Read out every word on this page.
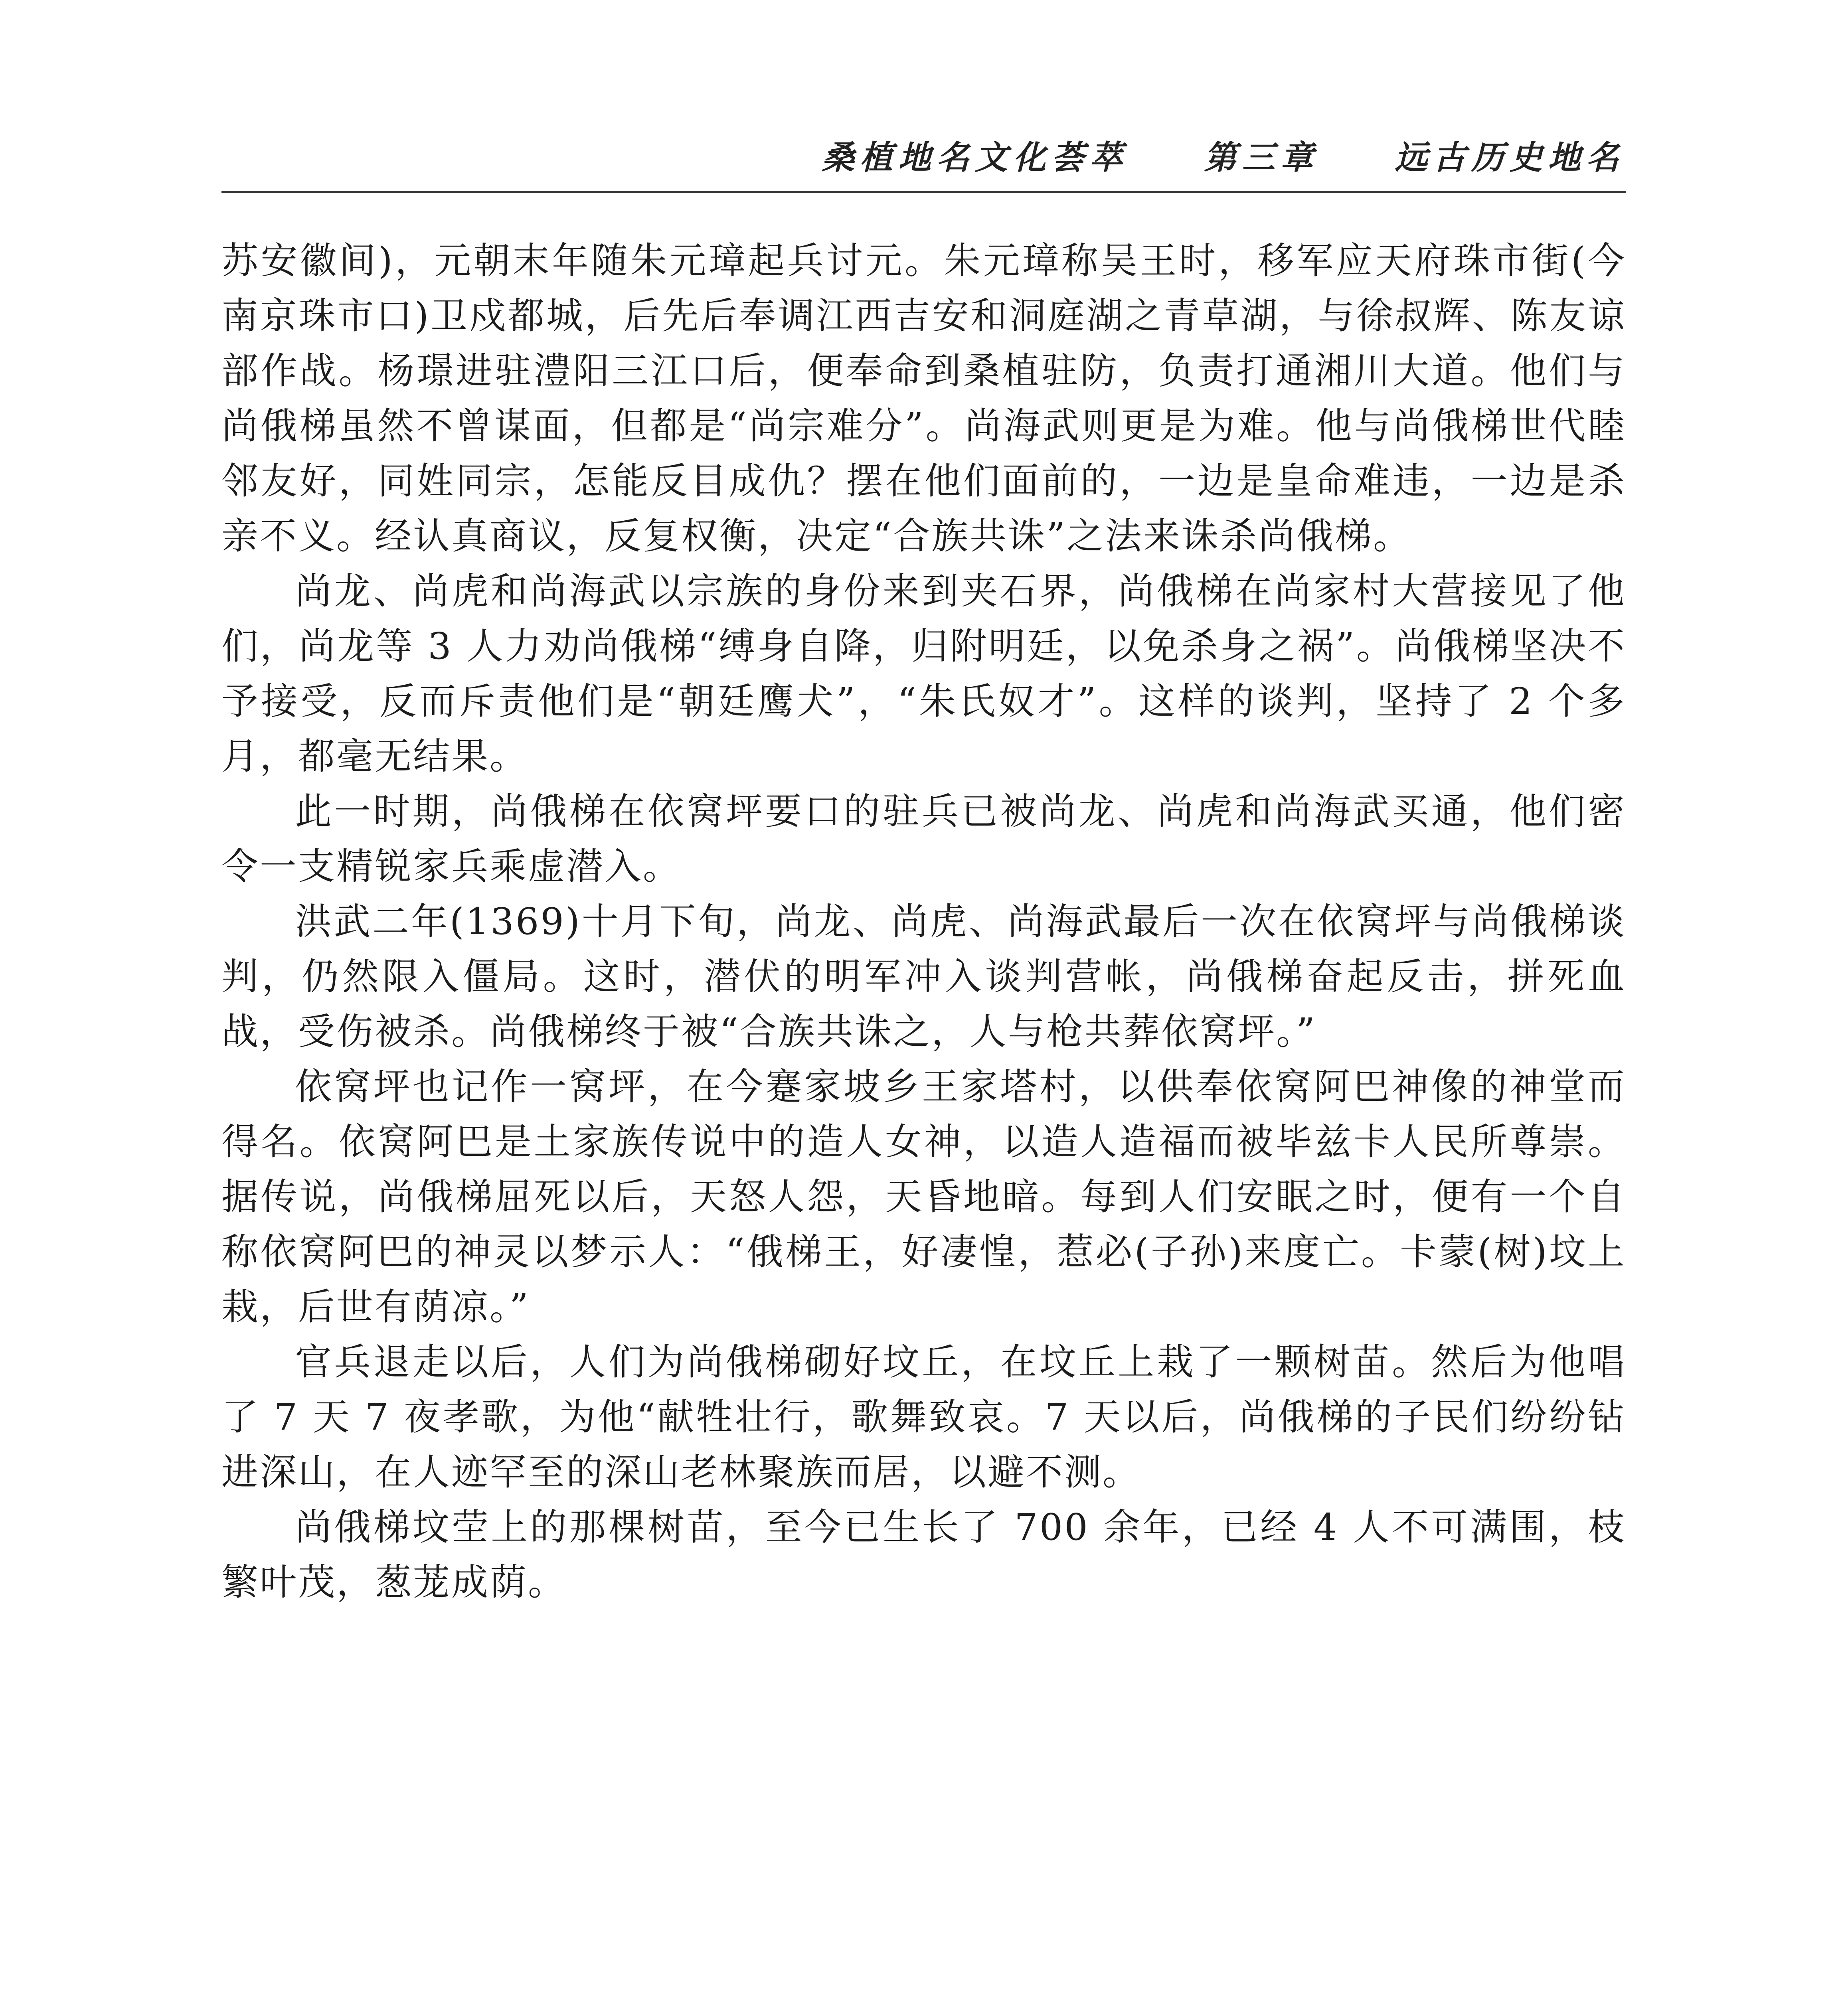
桑植地名文化荟萃 第三章 远古历史地名

苏安徽间)，元朝末年随朱元璋起兵讨元。朱元璋称吴王时，移军应天府珠市街(今南京珠市口)卫戍都城，后先后奉调江西吉安和洞庭湖之青草湖，与徐叔辉、陈友谅部作战。杨璟进驻澧阳三江口后，便奉命到桑植驻防，负责打通湘川大道。他们与尚俄梯虽然不曾谋面，但都是“尚宗难分”。尚海武则更是为难。他与尚俄梯世代睦邻友好，同姓同宗，怎能反目成仇？摆在他们面前的，一边是皇命难违，一边是杀亲不义。经认真商议，反复权衡，决定“合族共诛”之法来诛杀尚俄梯。

尚龙、尚虎和尚海武以宗族的身份来到夹石界，尚俄梯在尚家村大营接见了他们，尚龙等 3 人力劝尚俄梯“缚身自降，归附明廷，以免杀身之祸”。尚俄梯坚决不予接受，反而斥责他们是“朝廷鹰犬”，“朱氏奴才”。这样的谈判，坚持了 2 个多月，都毫无结果。

此一时期，尚俄梯在依窝坪要口的驻兵已被尚龙、尚虎和尚海武买通，他们密令一支精锐家兵乘虚潜入。

洪武二年(1369)十月下旬，尚龙、尚虎、尚海武最后一次在依窝坪与尚俄梯谈判，仍然限入僵局。这时，潜伏的明军冲入谈判营帐，尚俄梯奋起反击，拼死血战，受伤被杀。尚俄梯终于被“合族共诛之，人与枪共葬依窝坪。”

依窝坪也记作一窝坪，在今蹇家坡乡王家塔村，以供奉依窝阿巴神像的神堂而得名。依窝阿巴是土家族传说中的造人女神，以造人造福而被毕兹卡人民所尊崇。据传说，尚俄梯屈死以后，天怒人怨，天昏地暗。每到人们安眠之时，便有一个自称依窝阿巴的神灵以梦示人：“俄梯王，好凄惶，惹必(子孙)来度亡。卡蒙(树)坟上栽，后世有荫凉。”

官兵退走以后，人们为尚俄梯砌好坟丘，在坟丘上栽了一颗树苗。然后为他唱了 7 天 7 夜孝歌，为他“献牲壮行，歌舞致哀。7 天以后，尚俄梯的子民们纷纷钻进深山，在人迹罕至的深山老林聚族而居，以避不测。

尚俄梯坟茔上的那棵树苗，至今已生长了 700 余年，已经 4 人不可满围，枝繁叶茂，葱茏成荫。
